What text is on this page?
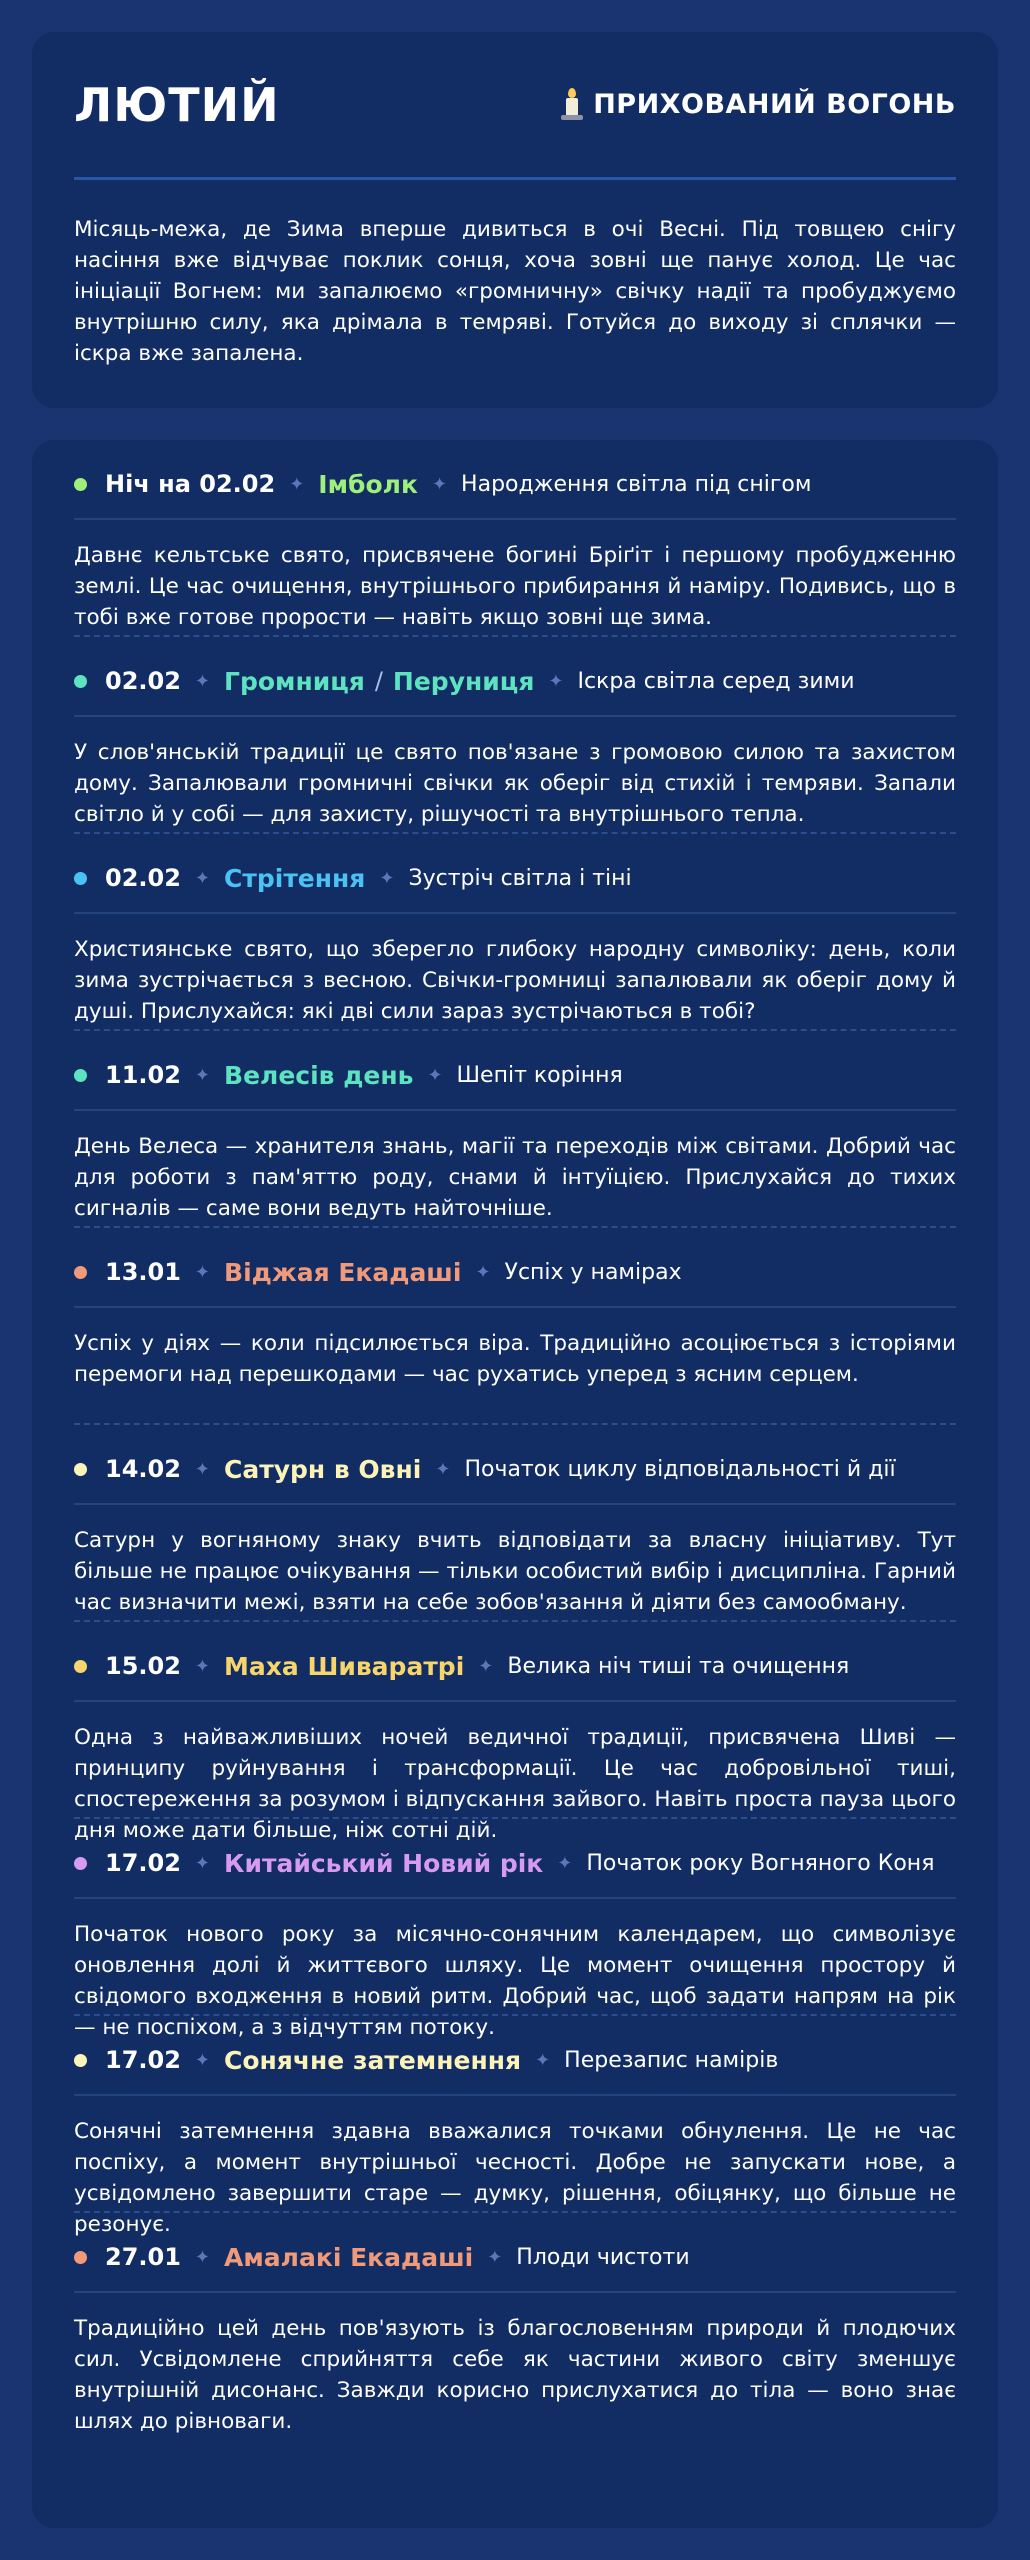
ЛЮТИЙ	ПРИХОВАНИЙ ВОГОНЬ

Місяць-межа, де Зима вперше дивиться в очі Весні. Під товщею снігу насіння вже відчуває поклик сонця, хоча зовні ще панує холод. Це час ініціації Вогнем: ми запалюємо «громничну» свічку надії та пробуджуємо внутрішню силу, яка дрімала в темряві. Готуйся до виходу зі сплячки — іскра вже запалена.

Ніч на 02.02 ✦ Імболк ✦ Народження світла під снігом

Давнє кельтське свято, присвячене богині Бріґіт і першому пробудженню землі. Це час очищення, внутрішнього прибирання й наміру. Подивись, що в тобі вже готове прорости — навіть якщо зовні ще зима.

02.02 ✦ Громниця / Перуниця ✦ Іскра світла серед зими

У слов'янській традиції це свято пов'язане з громовою силою та захистом дому. Запалювали громничні свічки як оберіг від стихій і темряви. Запали світло й у собі — для захисту, рішучості та внутрішнього тепла.

02.02 ✦ Стрітення ✦ Зустріч світла і тіні

Християнське свято, що зберегло глибоку народну символіку: день, коли зима зустрічається з весною. Свічки-громниці запалювали як оберіг дому й душі. Прислухайся: які дві сили зараз зустрічаються в тобі?

11.02 ✦ Велесів день ✦ Шепіт коріння

День Велеса — хранителя знань, магії та переходів між світами. Добрий час для роботи з пам'яттю роду, снами й інтуїцією. Прислухайся до тихих сигналів — саме вони ведуть найточніше.

13.01 ✦ Віджая Екадаші ✦ Успіх у намірах

Успіх у діях — коли підсилюється віра. Традиційно асоціюється з історіями перемоги над перешкодами — час рухатись уперед з ясним серцем.

14.02 ✦ Сатурн в Овні ✦ Початок циклу відповідальності й дії

Сатурн у вогняному знаку вчить відповідати за власну ініціативу. Тут більше не працює очікування — тільки особистий вибір і дисципліна. Гарний час визначити межі, взяти на себе зобов'язання й діяти без самообману.

15.02 ✦ Маха Шиваратрі ✦ Велика ніч тиші та очищення

Одна з найважливіших ночей ведичної традиції, присвячена Шиві — принципу руйнування і трансформації. Це час добровільної тиші, спостереження за розумом і відпускання зайвого. Навіть проста пауза цього дня може дати більше, ніж сотні дій.

17.02 ✦ Китайський Новий рік ✦ Початок року Вогняного Коня

Початок нового року за місячно-сонячним календарем, що символізує оновлення долі й життєвого шляху. Це момент очищення простору й свідомого входження в новий ритм. Добрий час, щоб задати напрям на рік — не поспіхом, а з відчуттям потоку.

17.02 ✦ Сонячне затемнення ✦ Перезапис намірів

Сонячні затемнення здавна вважалися точками обнулення. Це не час поспіху, а момент внутрішньої чесності. Добре не запускати нове, а усвідомлено завершити старе — думку, рішення, обіцянку, що більше не резонує.

27.01 ✦ Амалакі Екадаші ✦ Плоди чистоти

Традиційно цей день пов'язують із благословенням природи й плодючих сил. Усвідомлене сприйняття себе як частини живого світу зменшує внутрішній дисонанс. Завжди корисно прислухатися до тіла — воно знає шлях до рівноваги.
